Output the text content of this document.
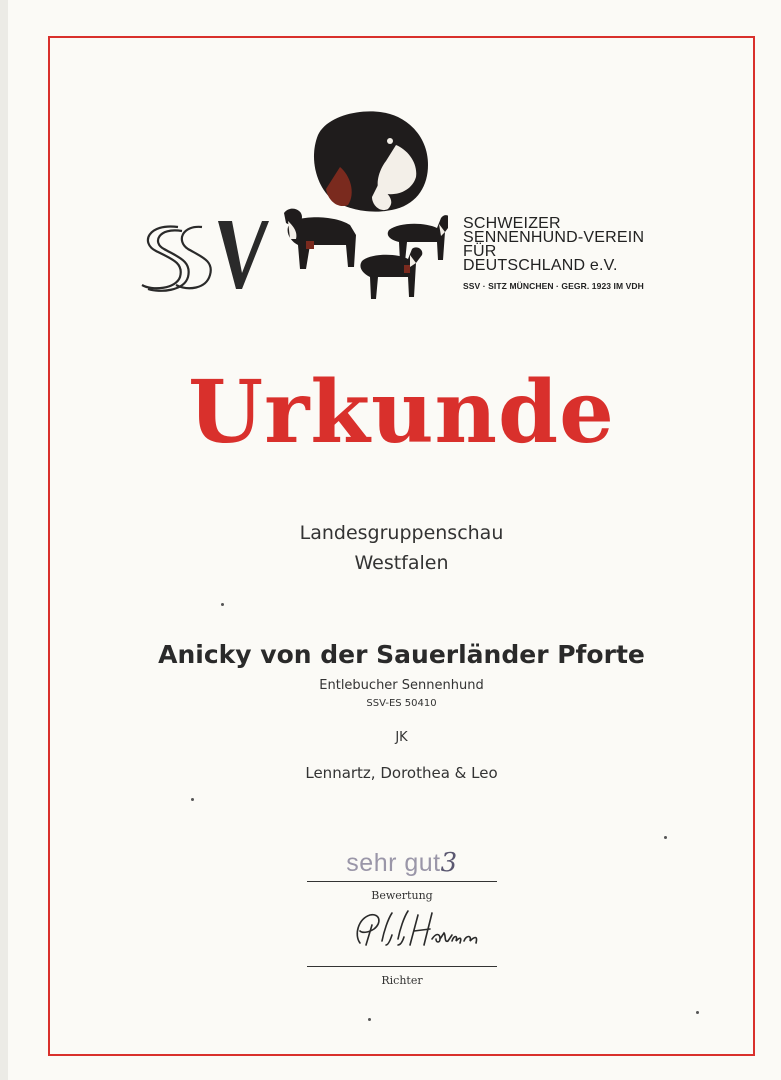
SCHWEIZER
SENNENHUND-VEREIN
FÜR
DEUTSCHLAND e.V.
SSV · SITZ MÜNCHEN · GEGR. 1923 IM VDH
Urkunde
Landesgruppenschau
Westfalen
Anicky von der Sauerländer Pforte
Entlebucher Sennenhund
SSV-ES 50410
JK
Lennartz, Dorothea & Leo
sehr gut3
Bewertung
Richter
